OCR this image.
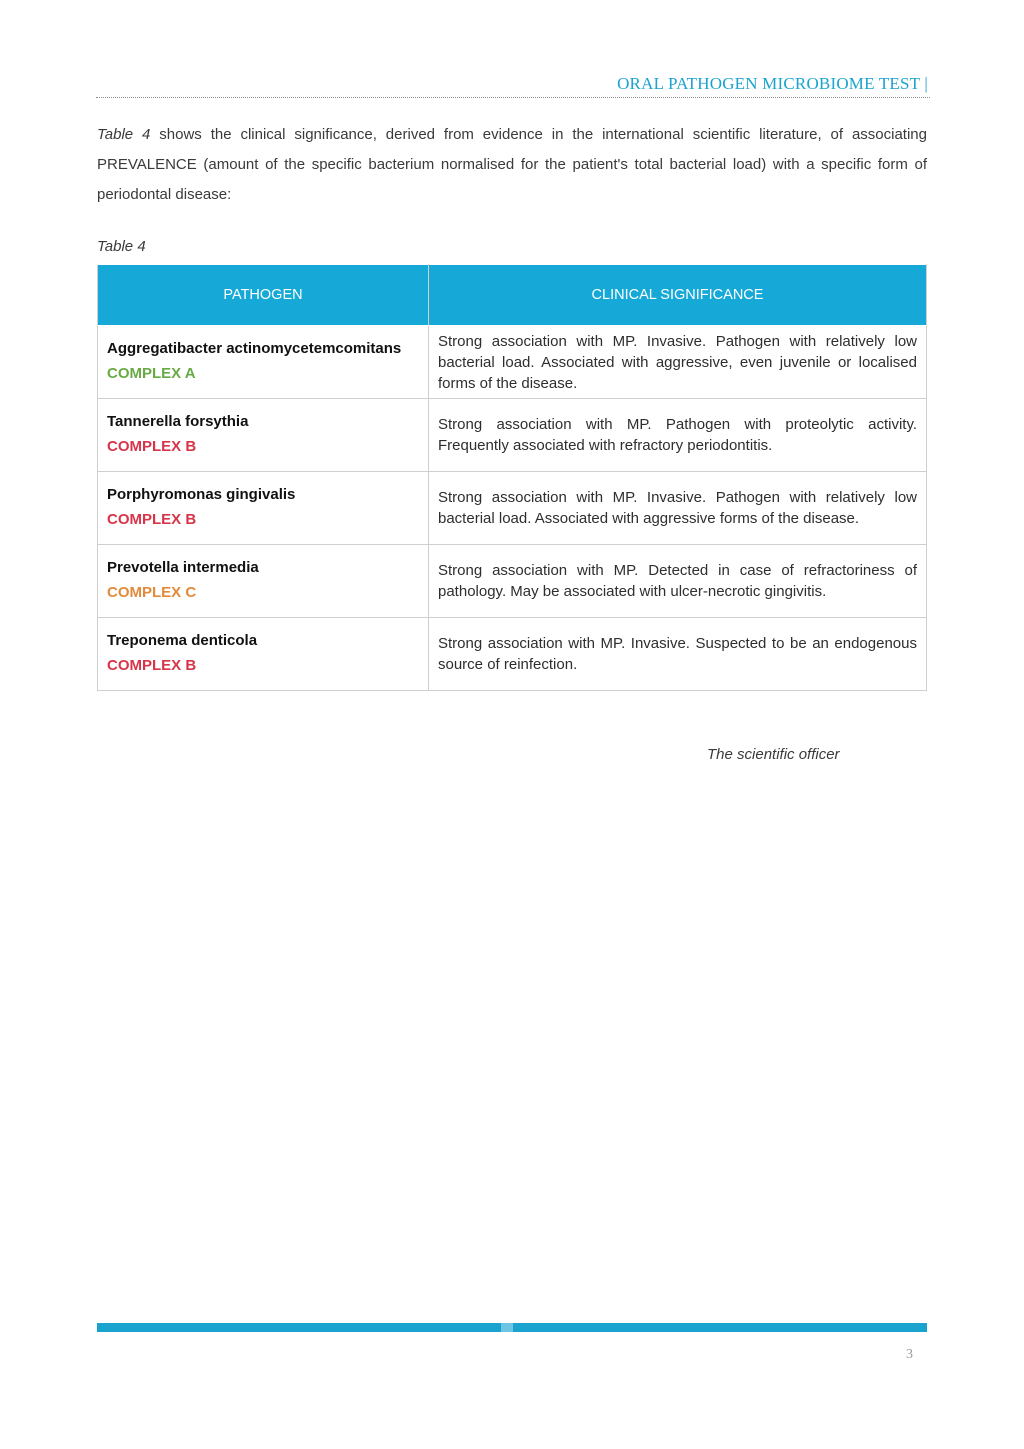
ORAL PATHOGEN MICROBIOME TEST |

Table 4 shows the clinical significance, derived from evidence in the international scientific literature, of associating PREVALENCE (amount of the specific bacterium normalised for the patient's total bacterial load) with a specific form of periodontal disease:

Table 4
PATHOGEN	CLINICAL SIGNIFICANCE

Aggregatibacter actinomycetemcomitans
COMPLEX A	Strong association with MP. Invasive. Pathogen with relatively low bacterial load. Associated with aggressive, even juvenile or localised forms of the disease.

Tannerella forsythia
COMPLEX B	Strong association with MP. Pathogen with proteolytic activity. Frequently associated with refractory periodontitis.

Porphyromonas gingivalis
COMPLEX B	Strong association with MP. Invasive. Pathogen with relatively low bacterial load. Associated with aggressive forms of the disease.

Prevotella intermedia
COMPLEX C	Strong association with MP. Detected in case of refractoriness of pathology. May be associated with ulcer-necrotic gingivitis.

Treponema denticola
COMPLEX B	Strong association with MP. Invasive. Suspected to be an endogenous source of reinfection.
The scientific officer
3
